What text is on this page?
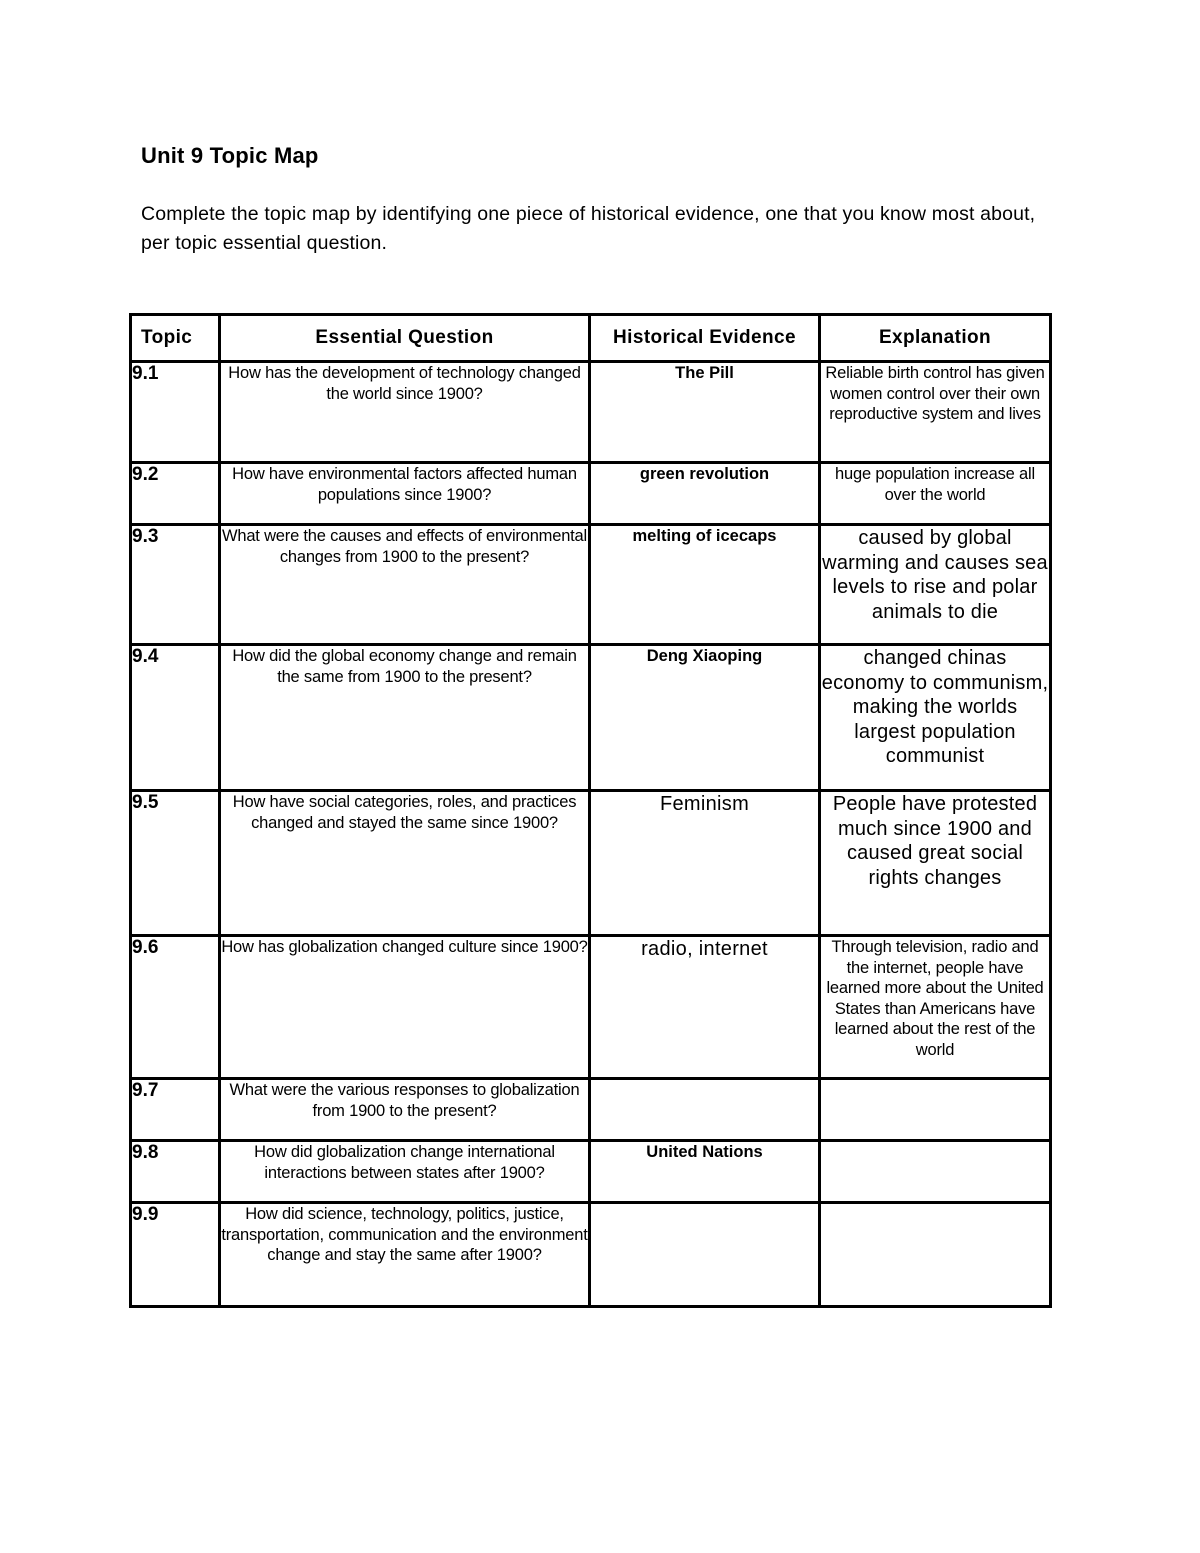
Unit 9 Topic Map
Complete the topic map by identifying one piece of historical evidence, one that you know most about, per topic essential question.
Topic	Essential Question	Historical Evidence	Explanation
9.1	How has the development of technology changed the world since 1900?	The Pill	Reliable birth control has given women control over their own reproductive system and lives
9.2	How have environmental factors affected human populations since 1900?	green revolution	huge population increase all over the world
9.3	What were the causes and effects of environmental changes from 1900 to the present?	melting of icecaps	caused by global warming and causes sea levels to rise and polar animals to die
9.4	How did the global economy change and remain the same from 1900 to the present?	Deng Xiaoping	changed chinas economy to communism, making the worlds largest population communist
9.5	How have social categories, roles, and practices changed and stayed the same since 1900?	Feminism	People have protested much since 1900 and caused great social rights changes
9.6	How has globalization changed culture since 1900?	radio, internet	Through television, radio and the internet, people have learned more about the United States than Americans have learned about the rest of the world
9.7	What were the various responses to globalization from 1900 to the present?		
9.8	How did globalization change international interactions between states after 1900?	United Nations	
9.9	How did science, technology, politics, justice, transportation, communication and the environment change and stay the same after 1900?		
